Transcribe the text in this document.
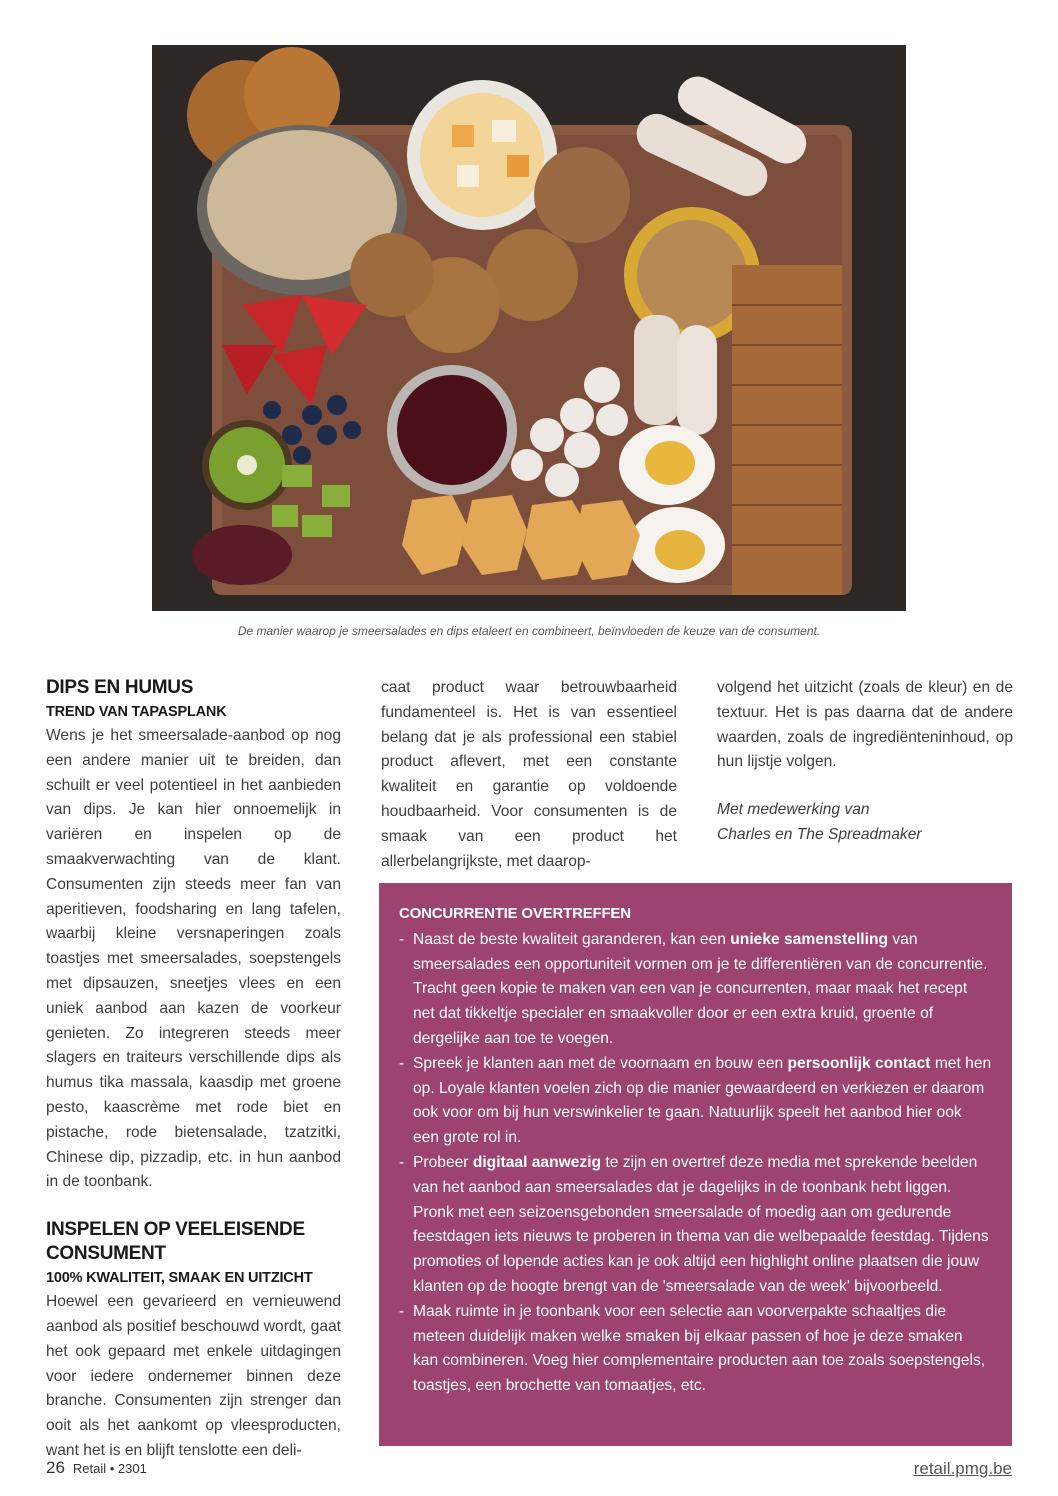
De manier waarop je smeersalades en dips etaleert en combineert, beïnvloeden de keuze van de consument.
DIPS EN HUMUS
TREND VAN TAPASPLANK

Wens je het smeersalade-aanbod op nog een andere manier uit te breiden, dan schuilt er veel potentieel in het aanbieden van dips. Je kan hier onnoemelijk in variëren en inspelen op de smaakverwachting van de klant. Consumenten zijn steeds meer fan van aperitieven, foodsharing en lang tafelen, waarbij kleine versnaperingen zoals toastjes met smeersalades, soepstengels met dipsauzen, sneetjes vlees en een uniek aanbod aan kazen de voorkeur genieten. Zo integreren steeds meer slagers en traiteurs verschillende dips als humus tika massala, kaasdip met groene pesto, kaascrème met rode biet en pistache, rode bietensalade, tzatzitki, Chinese dip, pizzadip, etc. in hun aanbod in de toonbank.

INSPELEN OP VEELEISENDE CONSUMENT
100% KWALITEIT, SMAAK EN UITZICHT

Hoewel een gevarieerd en vernieuwend aanbod als positief beschouwd wordt, gaat het ook gepaard met enkele uitdagingen voor iedere ondernemer binnen deze branche. Consumenten zijn strenger dan ooit als het aankomt op vleesproducten, want het is en blijft tenslotte een deli-

caat product waar betrouwbaarheid fundamenteel is. Het is van essentieel belang dat je als professional een stabiel product aflevert, met een constante kwaliteit en garantie op voldoende houdbaarheid. Voor consumenten is de smaak van een product het allerbelangrijkste, met daarop-

volgend het uitzicht (zoals de kleur) en de textuur. Het is pas daarna dat de andere waarden, zoals de ingrediënteninhoud, op hun lijstje volgen.

Met medewerking van

Charles en The Spreadmaker

CONCURRENTIE OVERTREFFEN
- Naast de beste kwaliteit garanderen, kan een unieke samenstelling van smeersalades een opportuniteit vormen om je te differentiëren van de concurrentie. Tracht geen kopie te maken van een van je concurrenten, maar maak het recept net dat tikkeltje specialer en smaakvoller door er een extra kruid, groente of dergelijke aan toe te voegen.
- Spreek je klanten aan met de voornaam en bouw een persoonlijk contact met hen op. Loyale klanten voelen zich op die manier gewaardeerd en verkiezen er daarom ook voor om bij hun verswinkelier te gaan. Natuurlijk speelt het aanbod hier ook een grote rol in.
- Probeer digitaal aanwezig te zijn en overtref deze media met sprekende beelden van het aanbod aan smeersalades dat je dagelijks in de toonbank hebt liggen. Pronk met een seizoensgebonden smeersalade of moedig aan om gedurende feestdagen iets nieuws te proberen in thema van die welbepaalde feestdag. Tijdens promoties of lopende acties kan je ook altijd een highlight online plaatsen die jouw klanten op de hoogte brengt van de 'smeersalade van de week' bijvoorbeeld.
- Maak ruimte in je toonbank voor een selectie aan voorverpakte schaaltjes die meteen duidelijk maken welke smaken bij elkaar passen of hoe je deze smaken kan combineren. Voeg hier complementaire producten aan toe zoals soepstengels, toastjes, een brochette van tomaatjes, etc.
26 Retail • 2301	retail.pmg.be
